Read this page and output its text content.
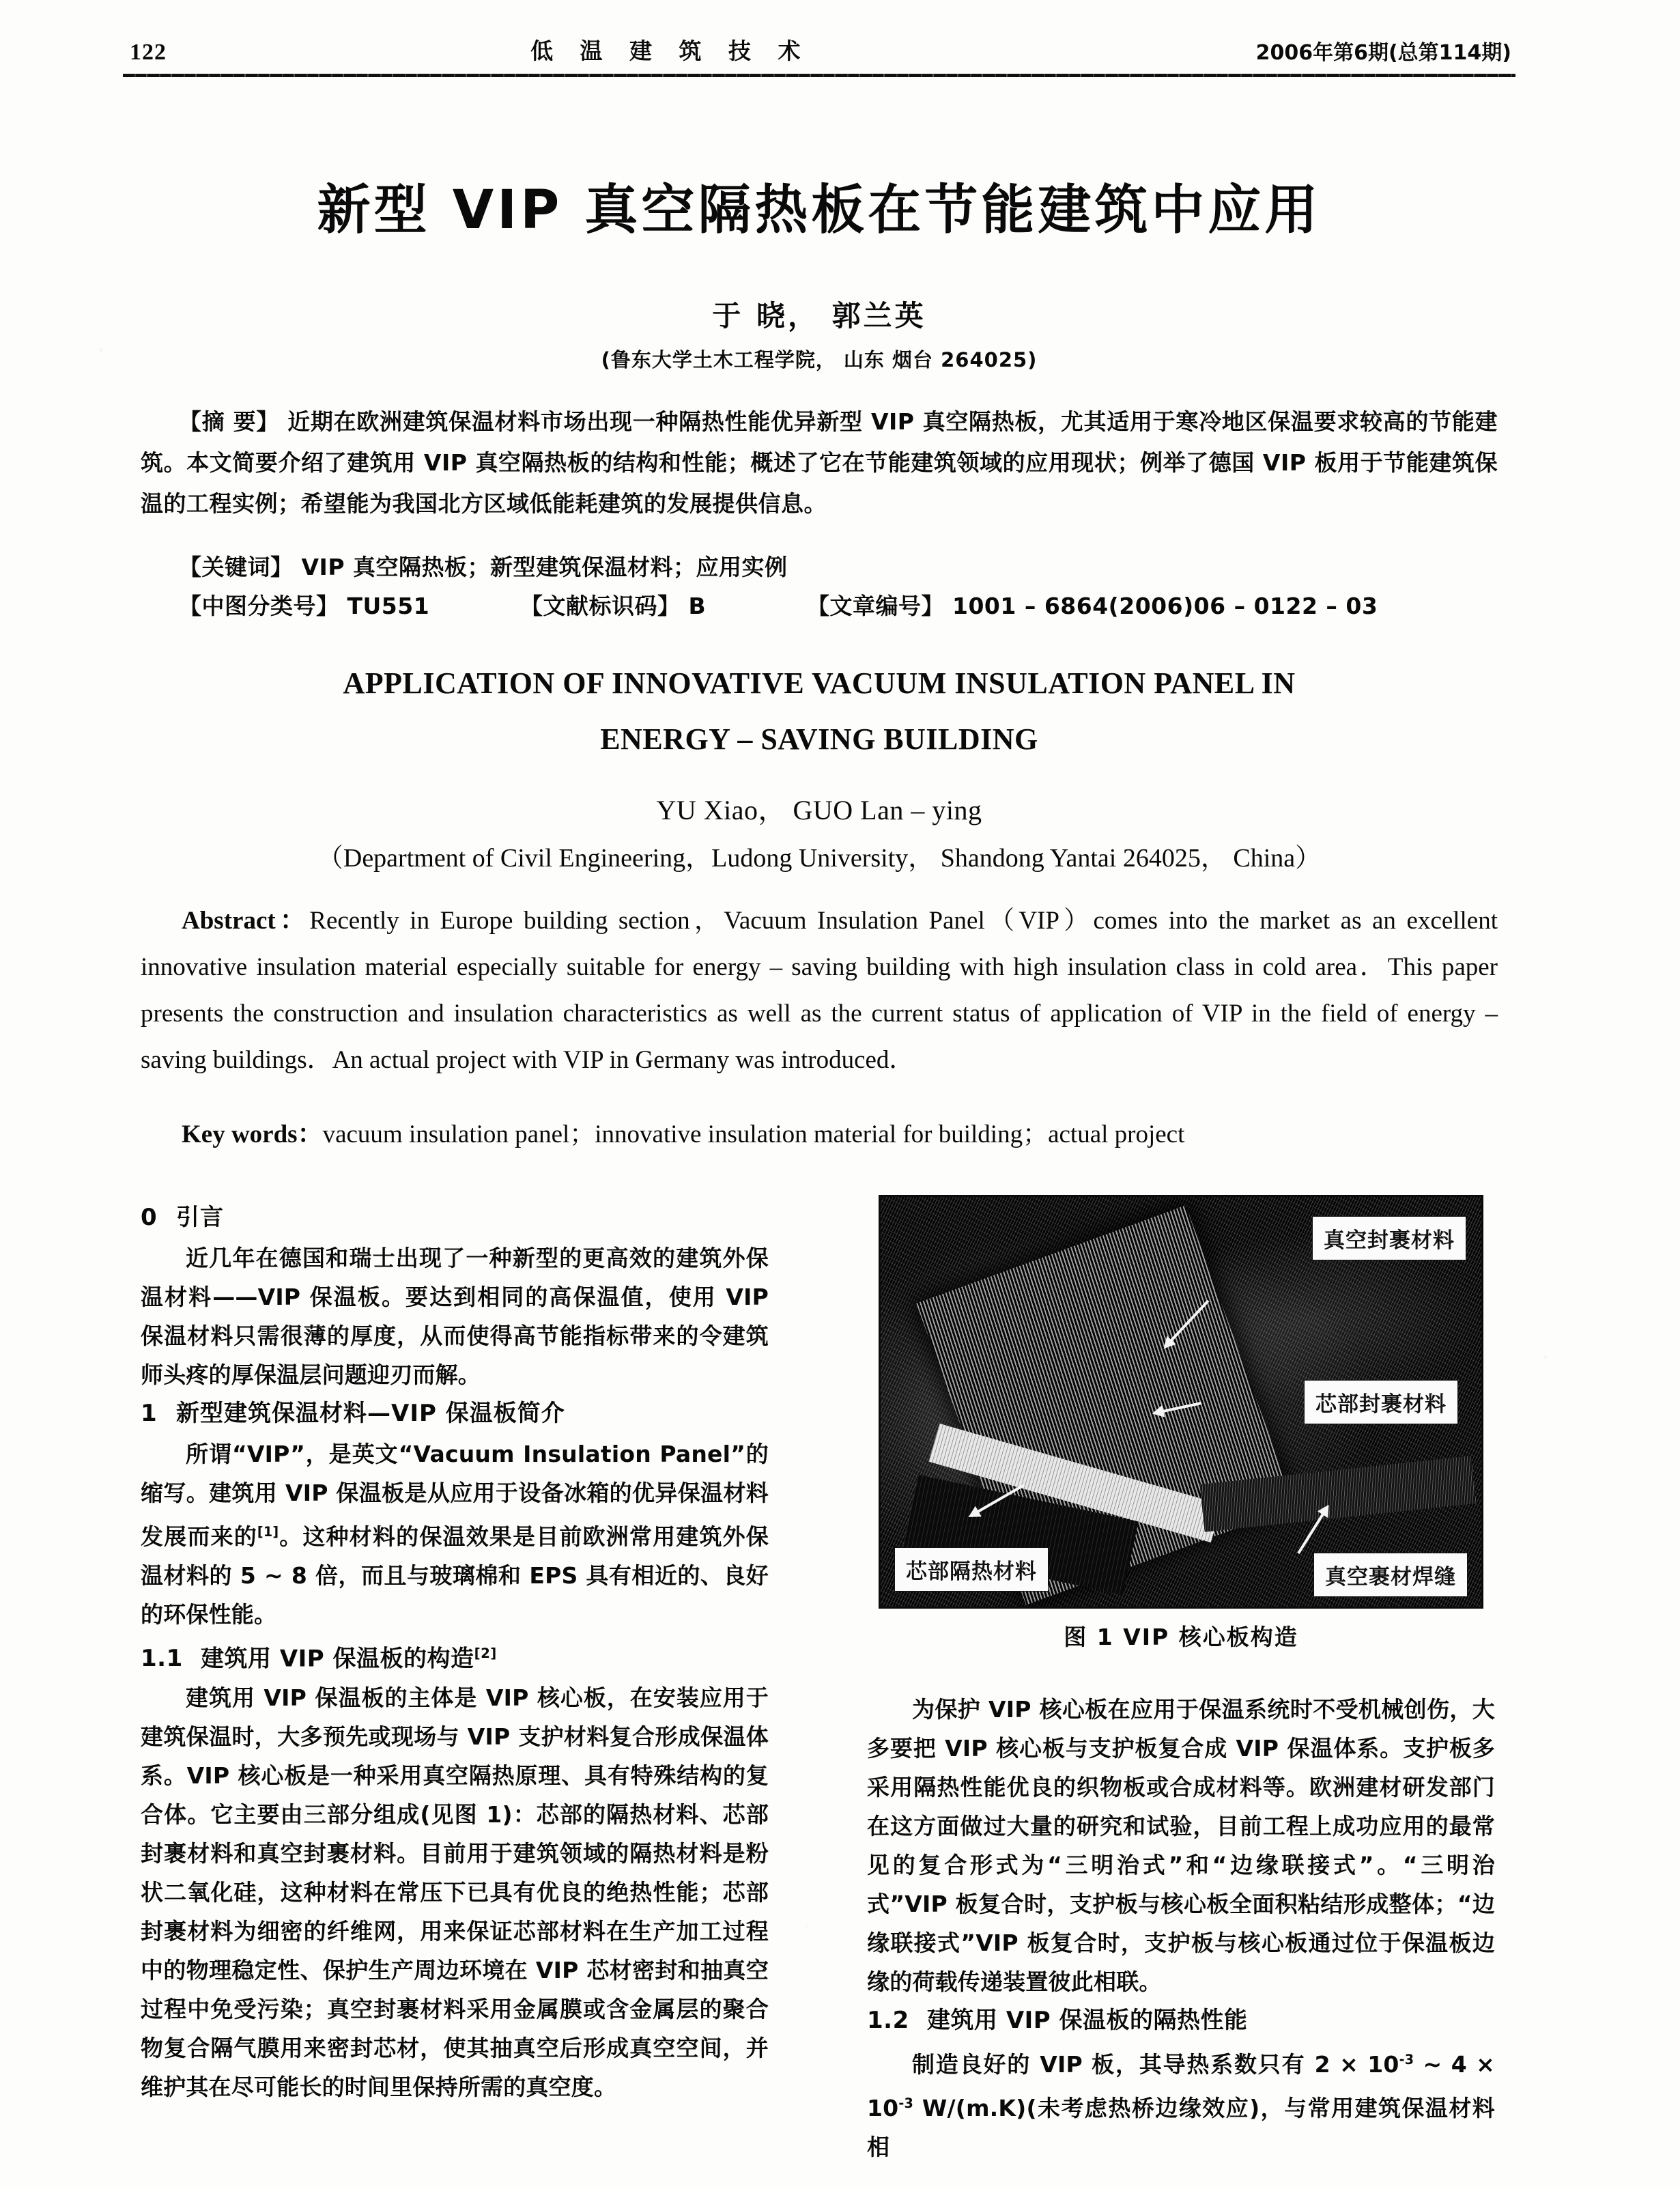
122	低 温 建 筑 技 术	2006年第6期(总第114期)
新型 VIP 真空隔热板在节能建筑中应用
于 晓， 郭兰英
(鲁东大学土木工程学院， 山东 烟台 264025)
【摘 要】 近期在欧洲建筑保温材料市场出现一种隔热性能优异新型 VIP 真空隔热板，尤其适用于寒冷地区保温要求较高的节能建筑。本文简要介绍了建筑用 VIP 真空隔热板的结构和性能；概述了它在节能建筑领域的应用现状；例举了德国 VIP 板用于节能建筑保温的工程实例；希望能为我国北方区域低能耗建筑的发展提供信息。
【关键词】 VIP 真空隔热板；新型建筑保温材料；应用实例
【中图分类号】 TU551	【文献标识码】 B	【文章编号】 1001 – 6864(2006)06 – 0122 – 03
APPLICATION OF INNOVATIVE VACUUM INSULATION PANEL IN
ENERGY – SAVING BUILDING
YU Xiao， GUO Lan – ying
（Department of Civil Engineering，Ludong University， Shandong Yantai 264025， China）
Abstract：Recently in Europe building section，Vacuum Insulation Panel（VIP）comes into the market as an excellent innovative insulation material especially suitable for energy – saving building with high insulation class in cold area．This paper presents the construction and insulation characteristics as well as the current status of application of VIP in the field of energy – saving buildings．An actual project with VIP in Germany was introduced．
Key words：vacuum insulation panel；innovative insulation material for building；actual project
0 引言

近几年在德国和瑞士出现了一种新型的更高效的建筑外保温材料——VIP 保温板。要达到相同的高保温值，使用 VIP 保温材料只需很薄的厚度，从而使得高节能指标带来的令建筑师头疼的厚保温层问题迎刃而解。

1 新型建筑保温材料—VIP 保温板简介

所谓“VIP”，是英文“Vacuum Insulation Panel”的缩写。建筑用 VIP 保温板是从应用于设备冰箱的优异保温材料发展而来的[1]。这种材料的保温效果是目前欧洲常用建筑外保温材料的 5 ~ 8 倍，而且与玻璃棉和 EPS 具有相近的、良好的环保性能。

1.1 建筑用 VIP 保温板的构造[2]

建筑用 VIP 保温板的主体是 VIP 核心板，在安装应用于建筑保温时，大多预先或现场与 VIP 支护材料复合形成保温体系。VIP 核心板是一种采用真空隔热原理、具有特殊结构的复合体。它主要由三部分组成(见图 1)：芯部的隔热材料、芯部封裹材料和真空封裹材料。目前用于建筑领域的隔热材料是粉状二氧化硅，这种材料在常压下已具有优良的绝热性能；芯部封裹材料为细密的纤维网，用来保证芯部材料在生产加工过程中的物理稳定性、保护生产周边环境在 VIP 芯材密封和抽真空过程中免受污染；真空封裹材料采用金属膜或含金属层的聚合物复合隔气膜用来密封芯材，使其抽真空后形成真空空间，并维护其在尽可能长的时间里保持所需的真空度。

真空封裹材料
芯部封裹材料
芯部隔热材料	真空裹材焊缝
图 1 VIP 核心板构造

为保护 VIP 核心板在应用于保温系统时不受机械创伤，大多要把 VIP 核心板与支护板复合成 VIP 保温体系。支护板多采用隔热性能优良的织物板或合成材料等。欧洲建材研发部门在这方面做过大量的研究和试验，目前工程上成功应用的最常见的复合形式为“三明治式”和“边缘联接式”。“三明治式”VIP 板复合时，支护板与核心板全面积粘结形成整体；“边缘联接式”VIP 板复合时，支护板与核心板通过位于保温板边缘的荷载传递装置彼此相联。

1.2 建筑用 VIP 保温板的隔热性能

制造良好的 VIP 板，其导热系数只有 $2 \times 10^{-3}$ ~ $4 \times 10^{-3}$ W/(m.K)(未考虑热桥边缘效应)，与常用建筑保温材料相
